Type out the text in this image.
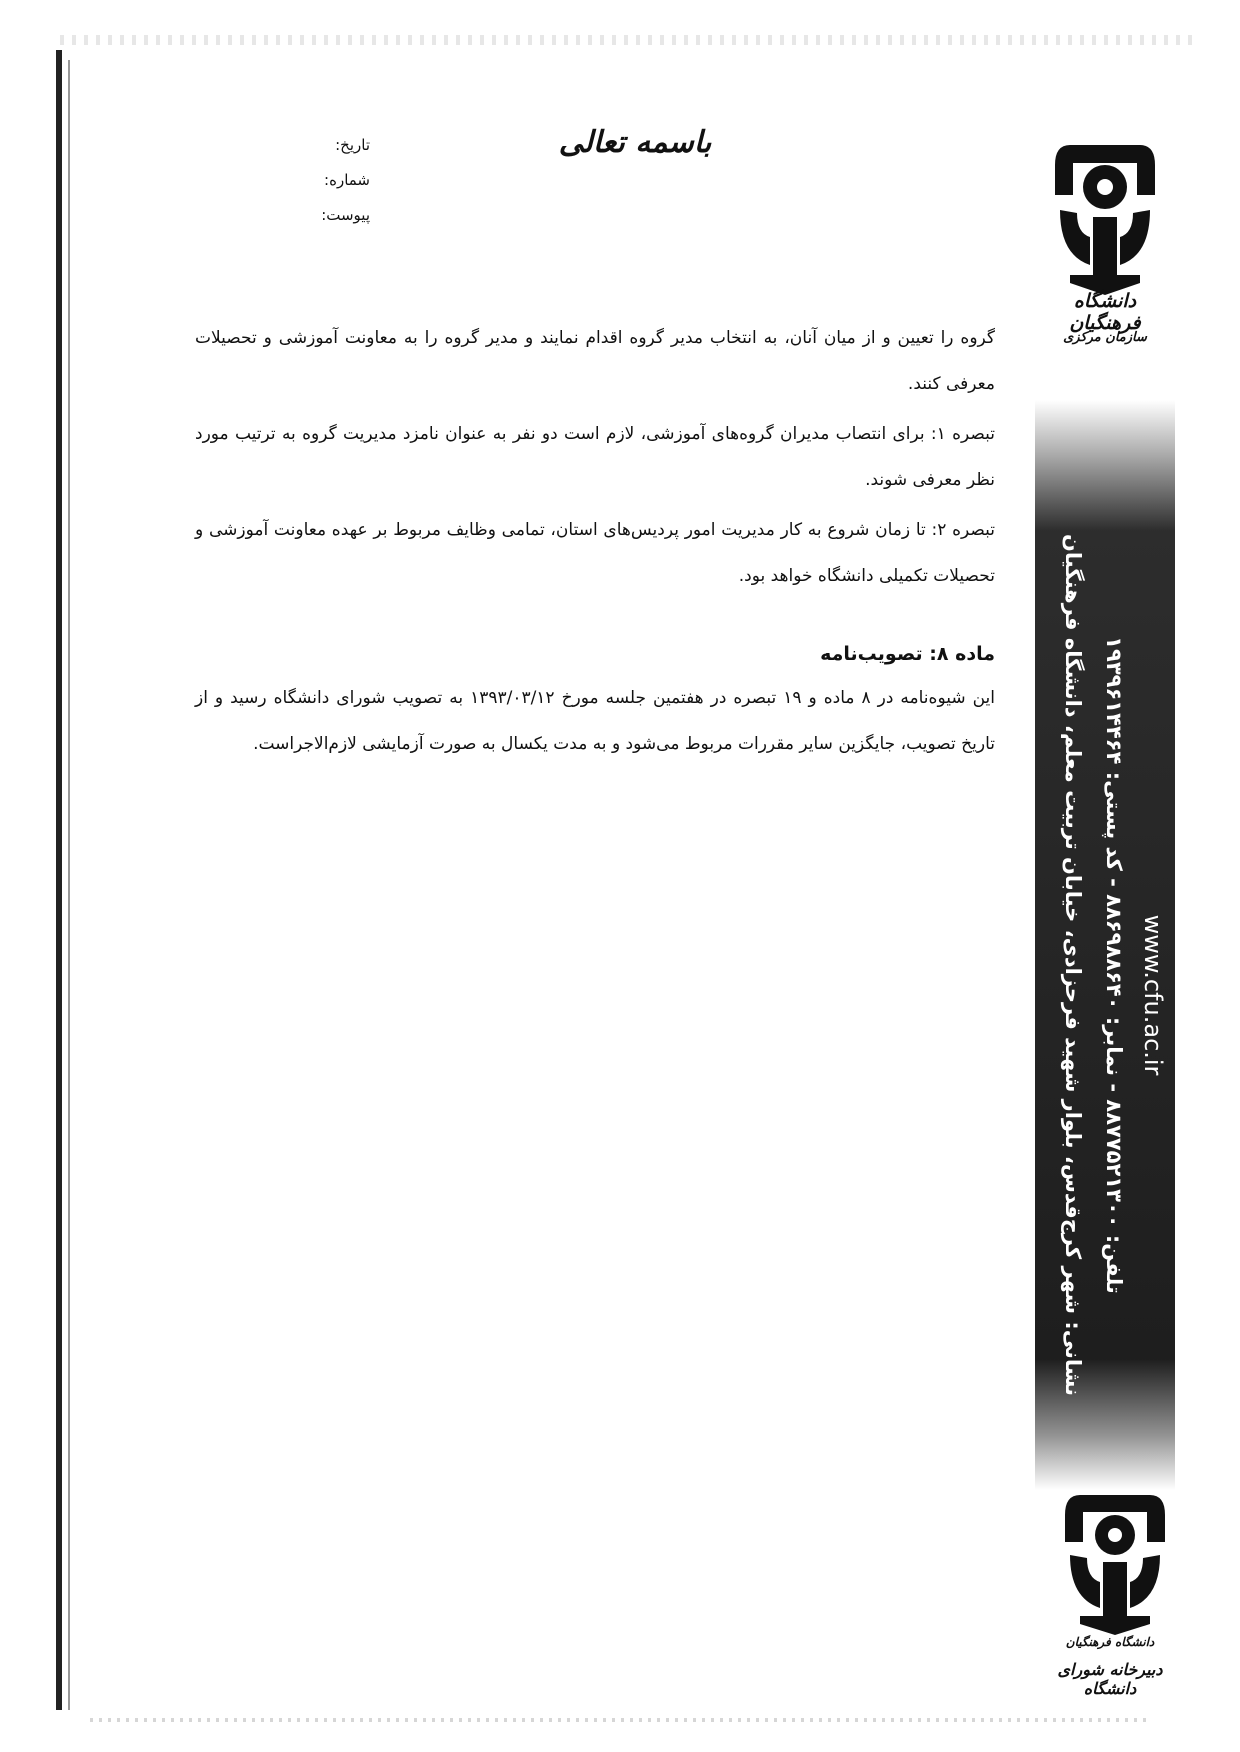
باسمه تعالی
تاریخ:
شماره:
پیوست:
دانشگاه فرهنگیان
سازمان مرکزی
نشانی: شهر کرج‌قدس، بلوار شهید فرحزادی، خیابان تربیت معلم، دانشگاه فرهنگیان تلفن: ۸۸۷۷۵۲۱۳۰۰ - نمابر: ۸۸۶۹۸۸۶۴۰ - کد پستی: ۱۹۳۹۶۱۴۴۶۴
www.cfu.ac.ir
دانشگاه فرهنگیان
دبیرخانه شورای دانشگاه

گروه را تعیین و از میان آنان، به انتخاب مدیر گروه اقدام نمایند و مدیر گروه را به معاونت آموزشی و تحصیلات معرفی کنند.

تبصره ۱: برای انتصاب مدیران گروه‌های آموزشی، لازم است دو نفر به عنوان نامزد مدیریت گروه به ترتیب مورد نظر معرفی شوند.

تبصره ۲: تا زمان شروع به کار مدیریت امور پردیس‌های استان، تمامی وظایف مربوط بر عهده معاونت آموزشی و تحصیلات تکمیلی دانشگاه خواهد بود.

ماده ۸: تصویب‌نامه

این شیوه‌نامه در ۸ ماده و ۱۹ تبصره در هفتمین جلسه مورخ ۱۳۹۳/۰۳/۱۲ به تصویب شورای دانشگاه رسید و از تاریخ تصویب، جایگزین سایر مقررات مربوط می‌شود و به مدت یکسال به صورت آزمایشی لازم‌الاجراست.
